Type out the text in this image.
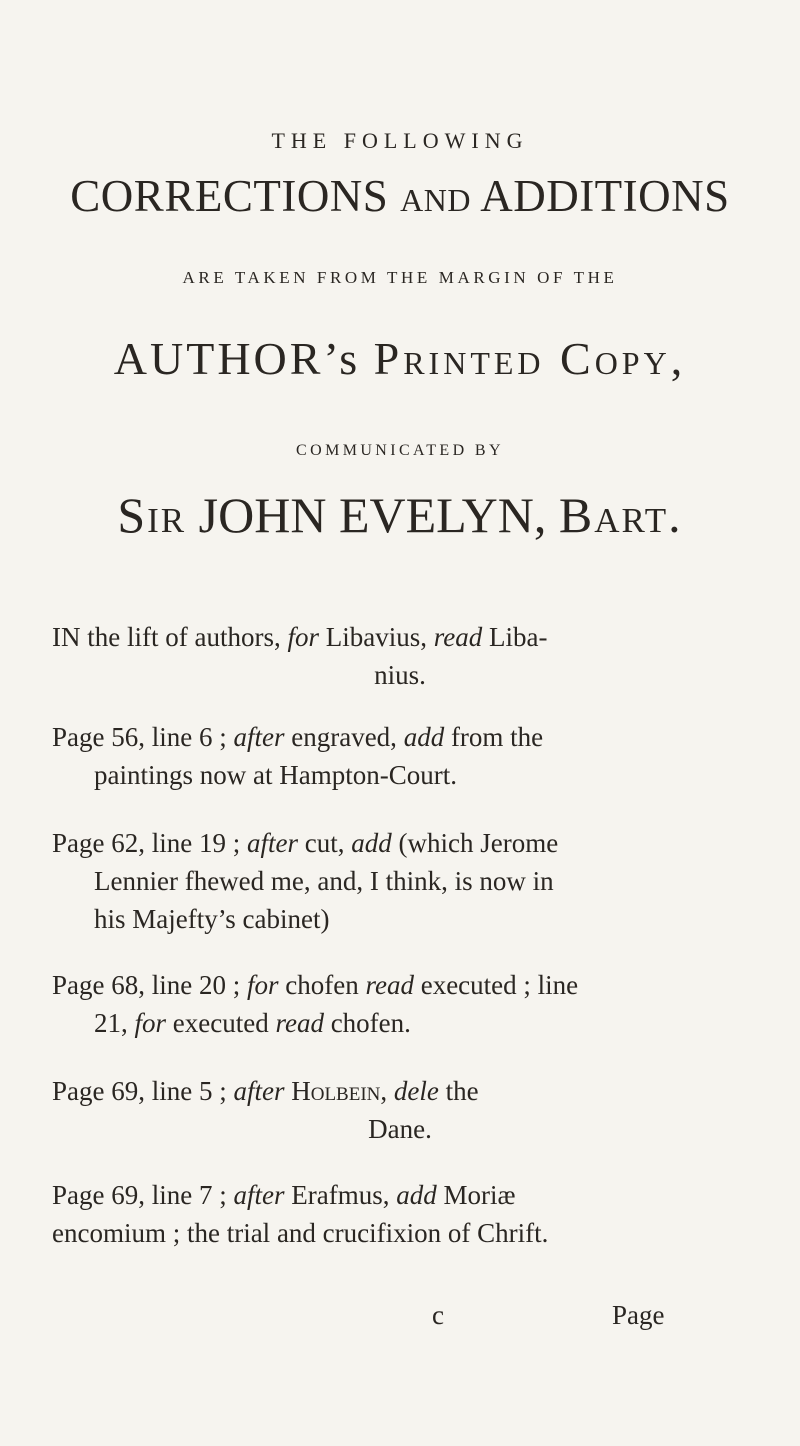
THE FOLLOWING
CORRECTIONS and ADDITIONS
ARE TAKEN FROM THE MARGIN OF THE
AUTHOR’s Printed Copy,
COMMUNICATED BY
Sir JOHN EVELYN, Bart.
IN the lift of authors, for Libavius, read Liba-
nius.
Page 56, line 6 ; after engraved, add from the
paintings now at Hampton-Court.
Page 62, line 19 ; after cut, add (which Jerome
Lennier fhewed me, and, I think, is now in
his Majefty’s cabinet)
Page 68, line 20 ; for chofen read executed ; line
21, for executed read chofen.
Page 69, line 5 ; after Holbein, dele the
Dane.
Page 69, line 7 ; after Erafmus, add Moriæ
encomium ; the trial and crucifixion of Chrift.
c	Page
